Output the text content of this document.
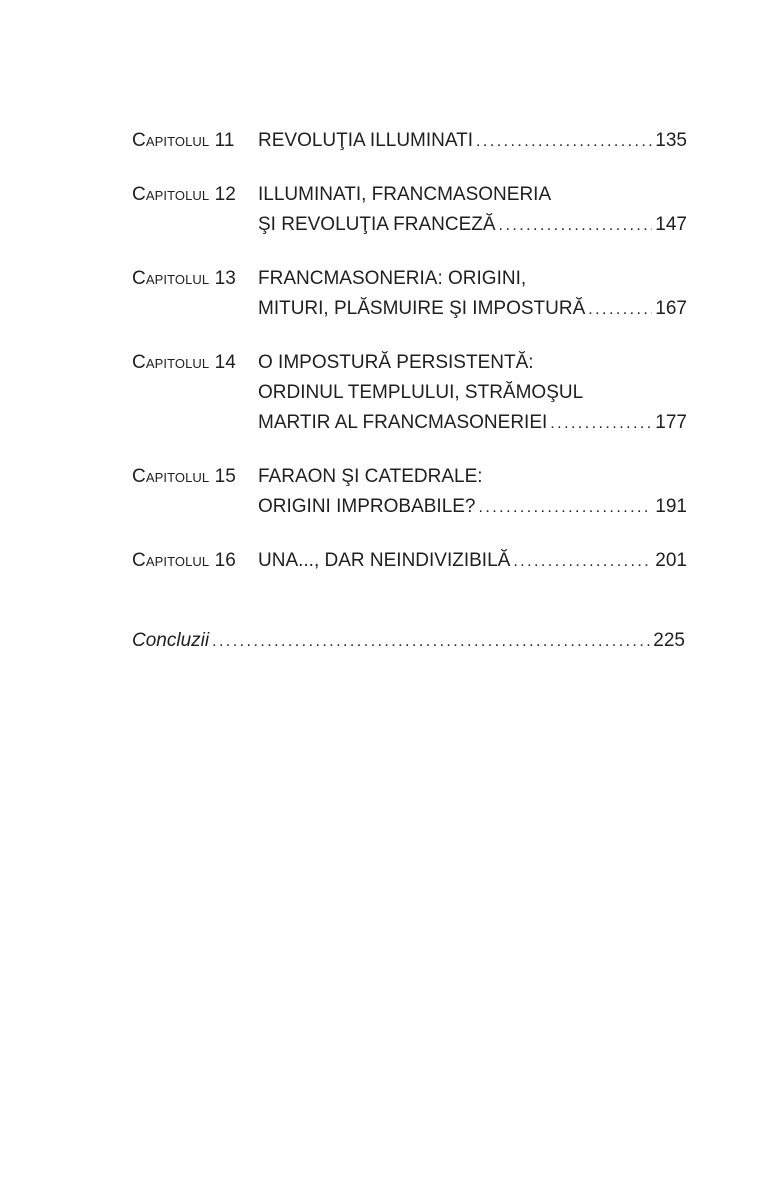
Capitolul 11	REVOLUŢIA ILLUMINATI . . .	135
Capitolul 12	ILLUMINATI, FRANCMASONERIA
ŞI REVOLUŢIA FRANCEZĂ . . .	147
Capitolul 13	FRANCMASONERIA: ORIGINI,
MITURI, PLĂSMUIRE ŞI IMPOSTURĂ . . .	167
Capitolul 14	O IMPOSTURĂ PERSISTENTĂ:
ORDINUL TEMPLULUI, STRĂMOŞUL
MARTIR AL FRANCMASONERIEI . . .	177
Capitolul 15	FARAON ŞI CATEDRALE:
ORIGINI IMPROBABILE? . . .	191
Capitolul 16	UNA..., DAR NEINDIVIZIBILĂ . . .	201
Concluzii . . .	225
